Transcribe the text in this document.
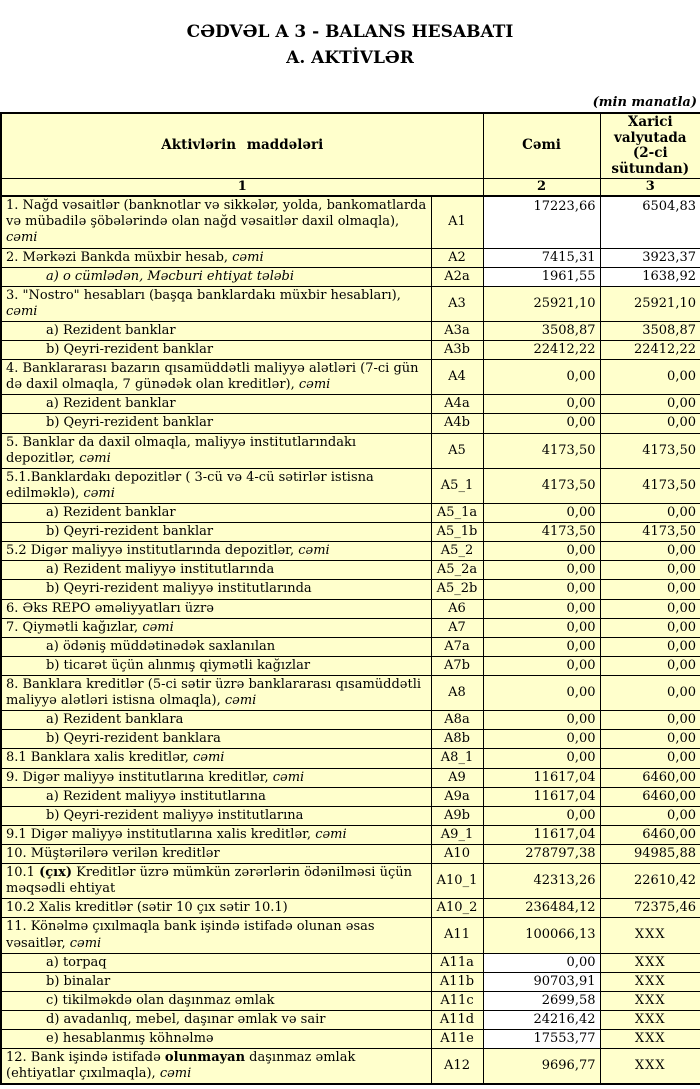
CƏDVƏL A 3 - BALANS HESABATI
A. AKTİVLƏR
(min manatla)
Aktivlərin maddələri		Cəmi	Xarici valyutada (2-ci sütundan)
1		2	3
1. Nağd vəsaitlər (banknotlar və sikkələr, yolda, bankomatlarda və mübadilə şöbələrində olan nağd vəsaitlər daxil olmaqla), cəmi	A1	17223,66	6504,83
2. Mərkəzi Bankda müxbir hesab, cəmi	A2	7415,31	3923,37
a) o cümlədən, Məcburi ehtiyat tələbi	A2a	1961,55	1638,92
3. "Nostro" hesabları (başqa banklardakı müxbir hesabları), cəmi	A3	25921,10	25921,10
a) Rezident banklar	A3a	3508,87	3508,87
b) Qeyri-rezident banklar	A3b	22412,22	22412,22
4. Banklararası bazarın qısamüddətli maliyyə alətləri (7-ci gün də daxil olmaqla, 7 günədək olan kreditlər), cəmi	A4	0,00	0,00
a) Rezident banklar	A4a	0,00	0,00
b) Qeyri-rezident banklar	A4b	0,00	0,00
5. Banklar da daxil olmaqla, maliyyə institutlarındakı depozitlər, cəmi	A5	4173,50	4173,50
5.1.Banklardakı depozitlər ( 3-cü və 4-cü sətirlər istisna edilməklə), cəmi	A5_1	4173,50	4173,50
a) Rezident banklar	A5_1a	0,00	0,00
b) Qeyri-rezident banklar	A5_1b	4173,50	4173,50
5.2 Digər maliyyə institutlarında depozitlər, cəmi	A5_2	0,00	0,00
a) Rezident maliyyə institutlarında	A5_2a	0,00	0,00
b) Qeyri-rezident maliyyə institutlarında	A5_2b	0,00	0,00
6. Əks REPO əməliyyatları üzrə	A6	0,00	0,00
7. Qiymətli kağızlar, cəmi	A7	0,00	0,00
a) ödəniş müddətinədək saxlanılan	A7a	0,00	0,00
b) ticarət üçün alınmış qiymətli kağızlar	A7b	0,00	0,00
8. Banklara kreditlər (5-ci sətir üzrə banklararası qısamüddətli maliyyə alətləri istisna olmaqla), cəmi	A8	0,00	0,00
a) Rezident banklara	A8a	0,00	0,00
b) Qeyri-rezident banklara	A8b	0,00	0,00
8.1 Banklara xalis kreditlər, cəmi	A8_1	0,00	0,00
9. Digər maliyyə institutlarına kreditlər, cəmi	A9	11617,04	6460,00
a) Rezident maliyyə institutlarına	A9a	11617,04	6460,00
b) Qeyri-rezident maliyyə institutlarına	A9b	0,00	0,00
9.1 Digər maliyyə institutlarına xalis kreditlər, cəmi	A9_1	11617,04	6460,00
10. Müştərilərə verilən kreditlər	A10	278797,38	94985,88
10.1 (çıx) Kreditlər üzrə mümkün zərərlərin ödənilməsi üçün məqsədli ehtiyat	A10_1	42313,26	22610,42
10.2 Xalis kreditlər (sətir 10 çıx sətir 10.1)	A10_2	236484,12	72375,46
11. Könəlmə çıxılmaqla bank işində istifadə olunan əsas vəsaitlər, cəmi	A11	100066,13	XXX
a) torpaq	A11a	0,00	XXX
b) binalar	A11b	90703,91	XXX
c) tikilməkdə olan daşınmaz əmlak	A11c	2699,58	XXX
d) avadanlıq, mebel, daşınar əmlak və sair	A11d	24216,42	XXX
e) hesablanmış köhnəlmə	A11e	17553,77	XXX
12. Bank işində istifadə olunmayan daşınmaz əmlak (ehtiyatlar çıxılmaqla), cəmi	A12	9696,77	XXX
